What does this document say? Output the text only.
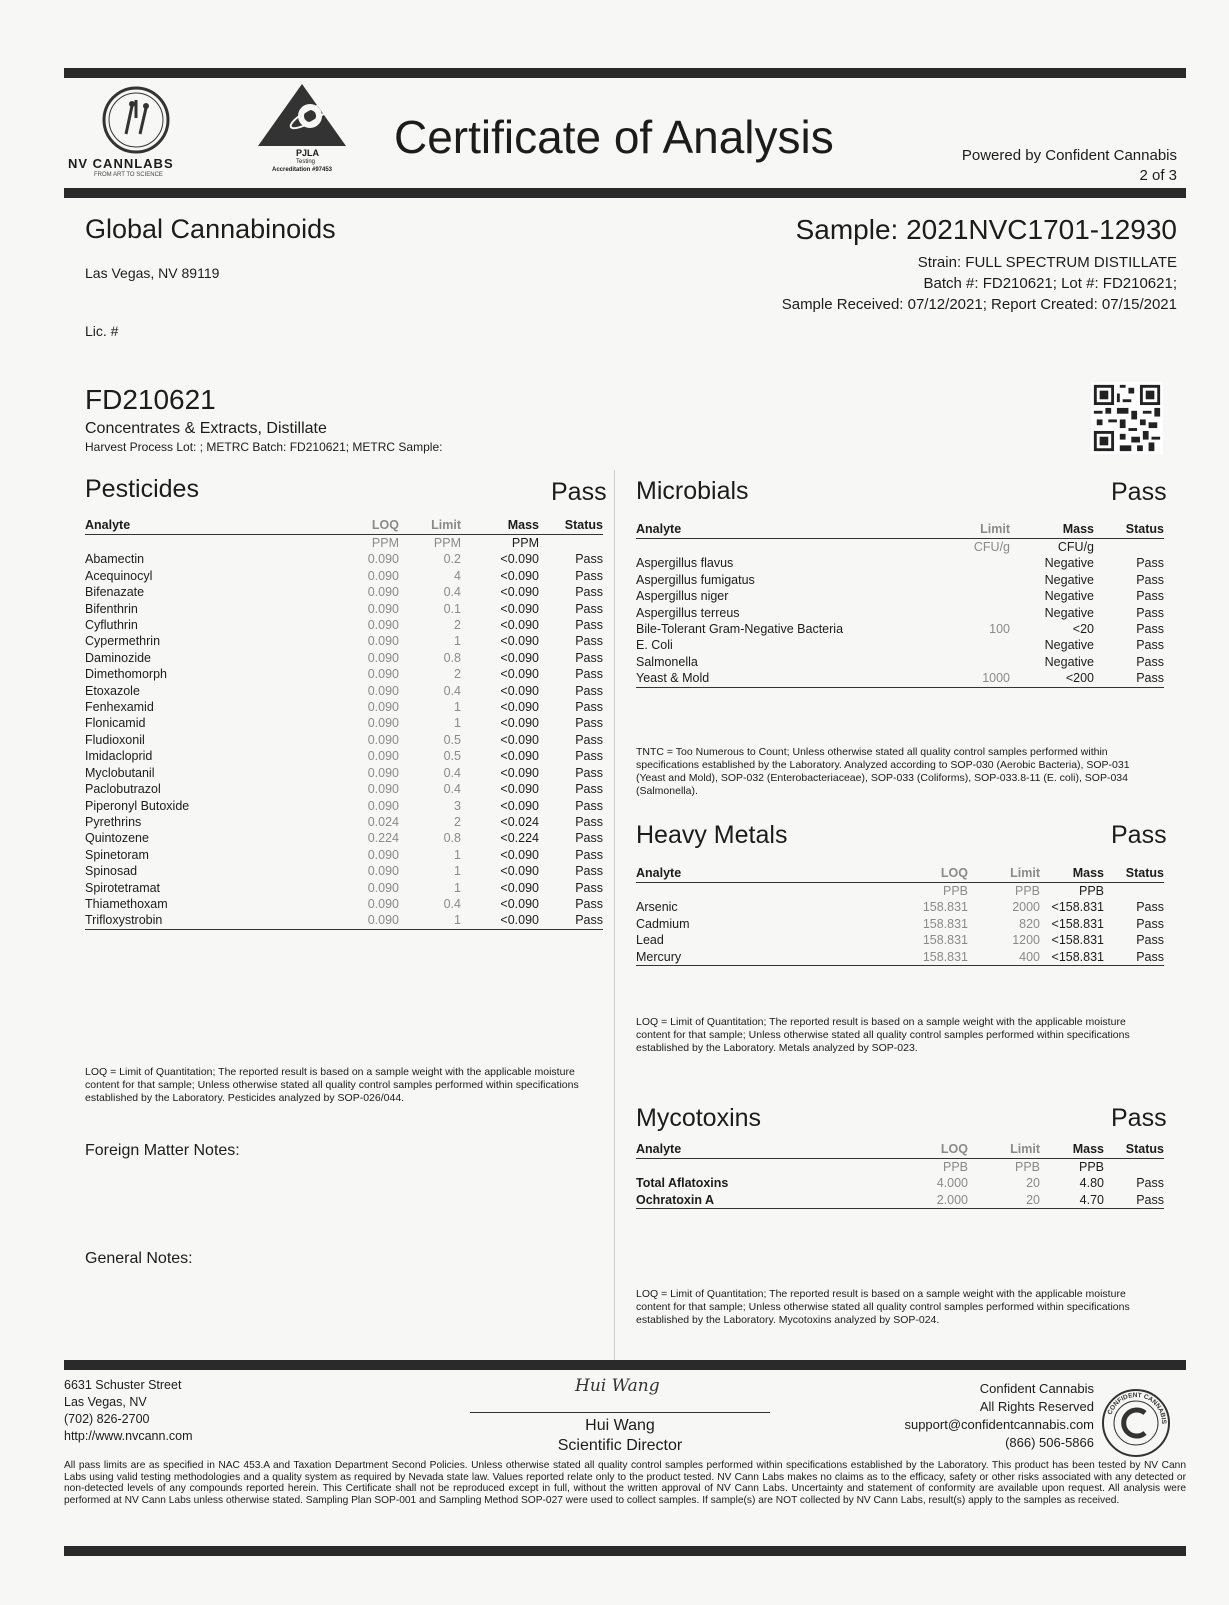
NV CANNLABS
FROM ART TO SCIENCE
PJLA
Testing
Accreditation #97453
Certificate of Analysis	Powered by Confident Cannabis
2 of 3
Global Cannabinoids
Las Vegas, NV 89119
Lic. #
Sample: 2021NVC1701-12930
Strain: FULL SPECTRUM DISTILLATE
Batch #: FD210621; Lot #: FD210621;
Sample Received: 07/12/2021; Report Created: 07/15/2021
FD210621
Concentrates & Extracts, Distillate
Harvest Process Lot: ; METRC Batch: FD210621; METRC Sample:
Pesticides	Pass
Analyte	LOQ	Limit	Mass	Status
	PPM	PPM	PPM	
Abamectin	0.090	0.2	<0.090	Pass
Acequinocyl	0.090	4	<0.090	Pass
Bifenazate	0.090	0.4	<0.090	Pass
Bifenthrin	0.090	0.1	<0.090	Pass
Cyfluthrin	0.090	2	<0.090	Pass
Cypermethrin	0.090	1	<0.090	Pass
Daminozide	0.090	0.8	<0.090	Pass
Dimethomorph	0.090	2	<0.090	Pass
Etoxazole	0.090	0.4	<0.090	Pass
Fenhexamid	0.090	1	<0.090	Pass
Flonicamid	0.090	1	<0.090	Pass
Fludioxonil	0.090	0.5	<0.090	Pass
Imidacloprid	0.090	0.5	<0.090	Pass
Myclobutanil	0.090	0.4	<0.090	Pass
Paclobutrazol	0.090	0.4	<0.090	Pass
Piperonyl Butoxide	0.090	3	<0.090	Pass
Pyrethrins	0.024	2	<0.024	Pass
Quintozene	0.224	0.8	<0.224	Pass
Spinetoram	0.090	1	<0.090	Pass
Spinosad	0.090	1	<0.090	Pass
Spirotetramat	0.090	1	<0.090	Pass
Thiamethoxam	0.090	0.4	<0.090	Pass
Trifloxystrobin	0.090	1	<0.090	Pass
LOQ = Limit of Quantitation; The reported result is based on a sample weight with the applicable moisture content for that sample; Unless otherwise stated all quality control samples performed within specifications established by the Laboratory. Pesticides analyzed by SOP-026/044.
Foreign Matter Notes:
General Notes:
Microbials	Pass
Analyte	Limit	Mass	Status
	CFU/g	CFU/g	
Aspergillus flavus		Negative	Pass
Aspergillus fumigatus		Negative	Pass
Aspergillus niger		Negative	Pass
Aspergillus terreus		Negative	Pass
Bile-Tolerant Gram-Negative Bacteria	100	<20	Pass
E. Coli		Negative	Pass
Salmonella		Negative	Pass
Yeast & Mold	1000	<200	Pass
TNTC = Too Numerous to Count; Unless otherwise stated all quality control samples performed within specifications established by the Laboratory. Analyzed according to SOP-030 (Aerobic Bacteria), SOP-031 (Yeast and Mold), SOP-032 (Enterobacteriaceae), SOP-033 (Coliforms), SOP-033.8-11 (E. coli), SOP-034 (Salmonella).
Heavy Metals	Pass
Analyte	LOQ	Limit	Mass	Status
	PPB	PPB	PPB	
Arsenic	158.831	2000	<158.831	Pass
Cadmium	158.831	820	<158.831	Pass
Lead	158.831	1200	<158.831	Pass
Mercury	158.831	400	<158.831	Pass
LOQ = Limit of Quantitation; The reported result is based on a sample weight with the applicable moisture content for that sample; Unless otherwise stated all quality control samples performed within specifications established by the Laboratory. Metals analyzed by SOP-023.
Mycotoxins	Pass
Analyte	LOQ	Limit	Mass	Status
	PPB	PPB	PPB	
Total Aflatoxins	4.000	20	4.80	Pass
Ochratoxin A	2.000	20	4.70	Pass
LOQ = Limit of Quantitation; The reported result is based on a sample weight with the applicable moisture content for that sample; Unless otherwise stated all quality control samples performed within specifications established by the Laboratory. Mycotoxins analyzed by SOP-024.
6631 Schuster Street
Las Vegas, NV
(702) 826-2700
http://www.nvcann.com
Hui Wang
Hui Wang
Scientific Director
Confident Cannabis
All Rights Reserved
support@confidentcannabis.com
(866) 506-5866
CONFIDENT CANNABIS
All pass limits are as specified in NAC 453.A and Taxation Department Second Policies. Unless otherwise stated all quality control samples performed within specifications established by the Laboratory. This product has been tested by NV Cann Labs using valid testing methodologies and a quality system as required by Nevada state law. Values reported relate only to the product tested. NV Cann Labs makes no claims as to the efficacy, safety or other risks associated with any detected or non-detected levels of any compounds reported herein. This Certificate shall not be reproduced except in full, without the written approval of NV Cann Labs. Uncertainty and statement of conformity are available upon request. All analysis were performed at NV Cann Labs unless otherwise stated. Sampling Plan SOP-001 and Sampling Method SOP-027 were used to collect samples. If sample(s) are NOT collected by NV Cann Labs, result(s) apply to the samples as received.
